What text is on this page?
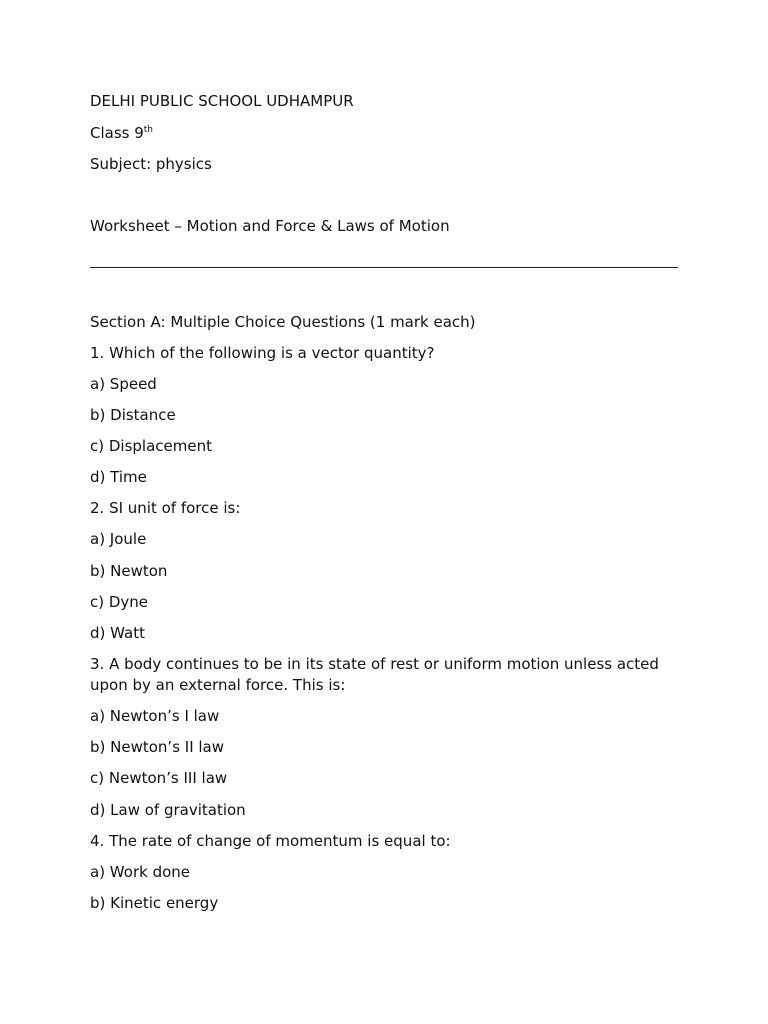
DELHI PUBLIC SCHOOL UDHAMPUR
Class 9th
Subject: physics
Worksheet – Motion and Force & Laws of Motion
Section A: Multiple Choice Questions (1 mark each)
1. Which of the following is a vector quantity?
a) Speed
b) Distance
c) Displacement
d) Time
2. SI unit of force is:
a) Joule
b) Newton
c) Dyne
d) Watt
3. A body continues to be in its state of rest or uniform motion unless acted upon by an external force. This is:
a) Newton’s I law
b) Newton’s II law
c) Newton’s III law
d) Law of gravitation
4. The rate of change of momentum is equal to:
a) Work done
b) Kinetic energy
